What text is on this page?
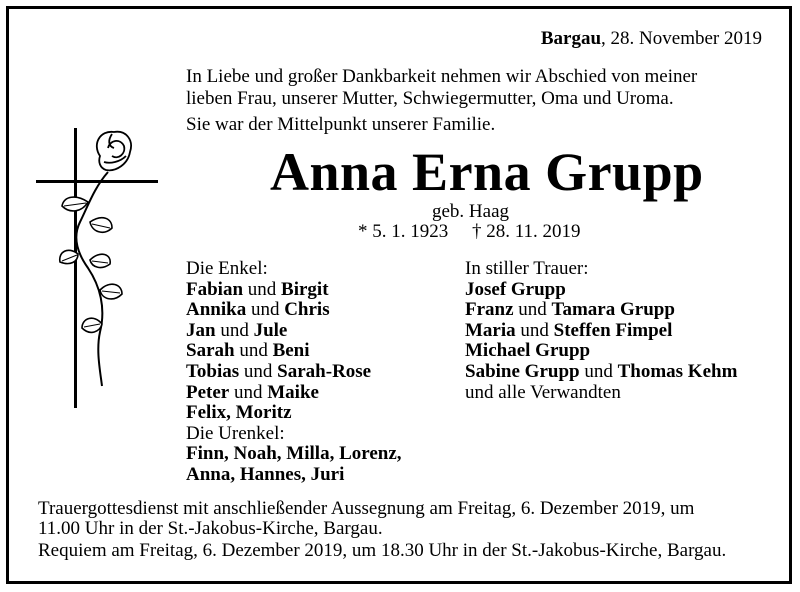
Bargau, 28. November 2019
In Liebe und großer Dankbarkeit nehmen wir Abschied von meiner
lieben Frau, unserer Mutter, Schwiegermutter, Oma und Uroma.
Sie war der Mittelpunkt unserer Familie.
Anna Erna Grupp
geb. Haag
* 5. 1. 1923 † 28. 11. 2019
Die Enkel:
Fabian und Birgit
Annika und Chris
Jan und Jule
Sarah und Beni
Tobias und Sarah-Rose
Peter und Maike
Felix, Moritz
Die Urenkel:
Finn, Noah, Milla, Lorenz,
Anna, Hannes, Juri
In stiller Trauer:
Josef Grupp
Franz und Tamara Grupp
Maria und Steffen Fimpel
Michael Grupp
Sabine Grupp und Thomas Kehm
und alle Verwandten
Trauergottesdienst mit anschließender Aussegnung am Freitag, 6. Dezember 2019, um
11.00 Uhr in der St.-Jakobus-Kirche, Bargau.
Requiem am Freitag, 6. Dezember 2019, um 18.30 Uhr in der St.-Jakobus-Kirche, Bargau.
